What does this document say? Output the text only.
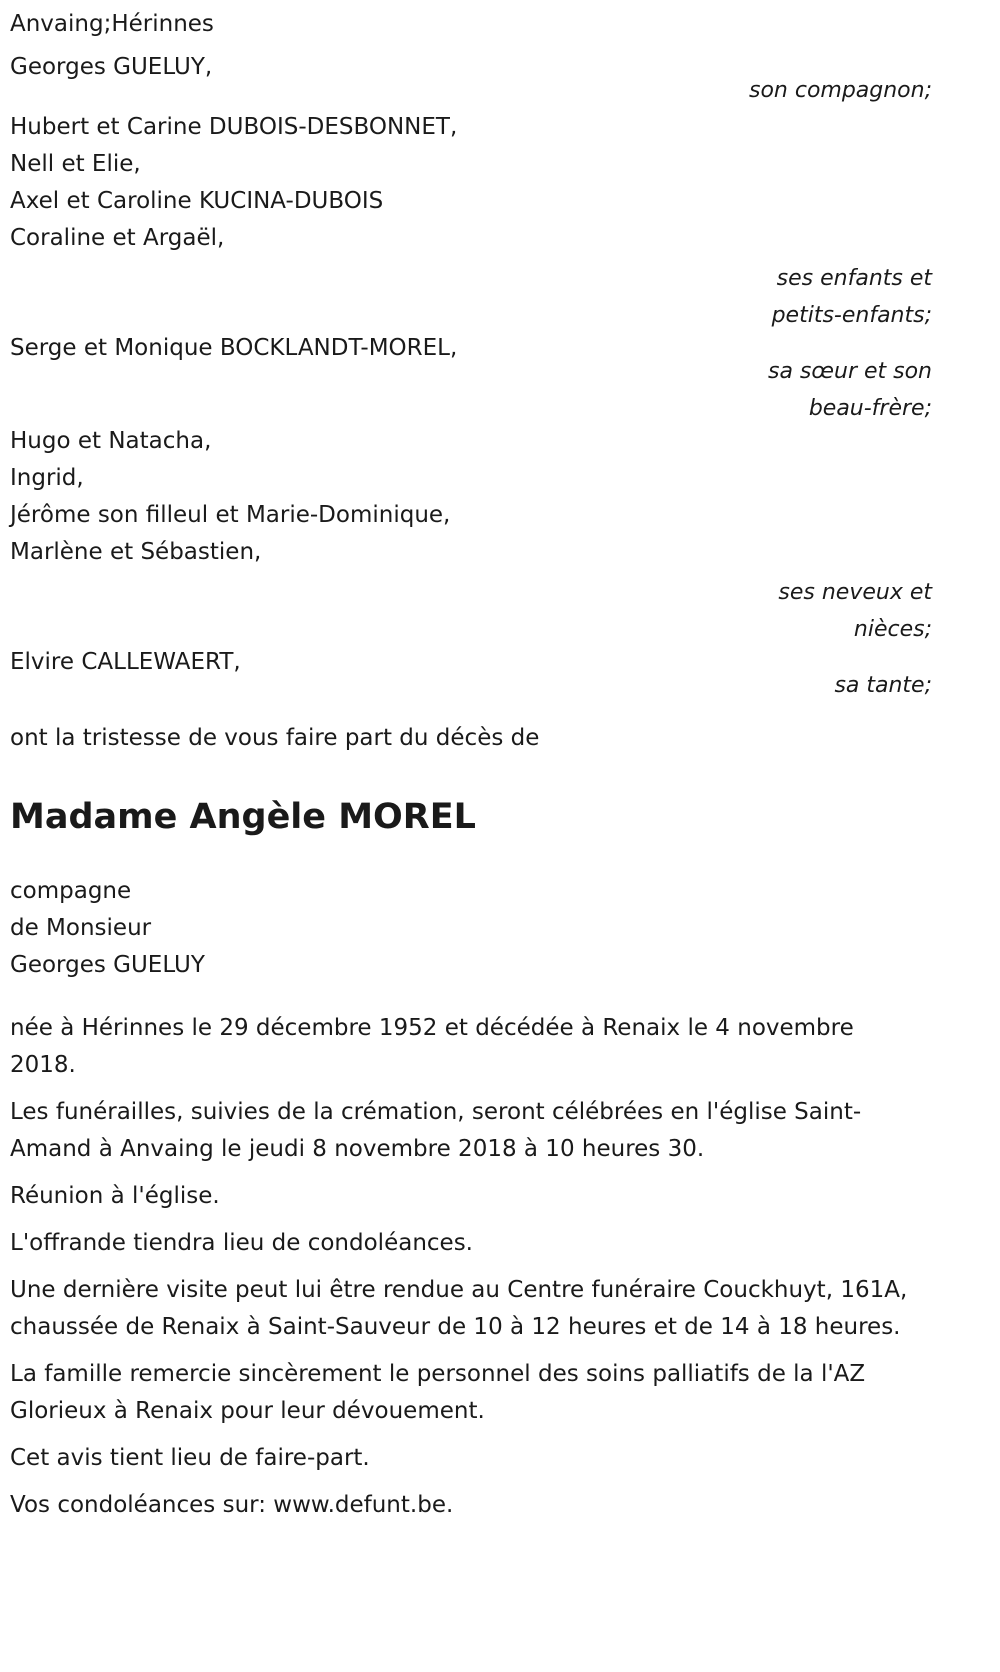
Anvaing;Hérinnes

Georges GUELUY,

son compagnon;

Hubert et Carine DUBOIS-DESBONNET,

Nell et Elie,

Axel et Caroline KUCINA-DUBOIS

Coraline et Argaël,

ses enfants et
petits-enfants;

Serge et Monique BOCKLANDT-MOREL,

sa sœur et son
beau-frère;

Hugo et Natacha,

Ingrid,

Jérôme son filleul et Marie-Dominique,

Marlène et Sébastien,

ses neveux et
nièces;

Elvire CALLEWAERT,

sa tante;

ont la tristesse de vous faire part du décès de

Madame Angèle MOREL

compagne

de Monsieur

Georges GUELUY

née à Hérinnes le 29 décembre 1952 et décédée à Renaix le 4 novembre 2018.

Les funérailles, suivies de la crémation, seront célébrées en l'église Saint-Amand à Anvaing le jeudi 8 novembre 2018 à 10 heures 30.

Réunion à l'église.

L'offrande tiendra lieu de condoléances.

Une dernière visite peut lui être rendue au Centre funéraire Couckhuyt, 161A, chaussée de Renaix à Saint-Sauveur de 10 à 12 heures et de 14 à 18 heures.

La famille remercie sincèrement le personnel des soins palliatifs de la l'AZ Glorieux à Renaix pour leur dévouement.

Cet avis tient lieu de faire-part.

Vos condoléances sur: www.defunt.be.
